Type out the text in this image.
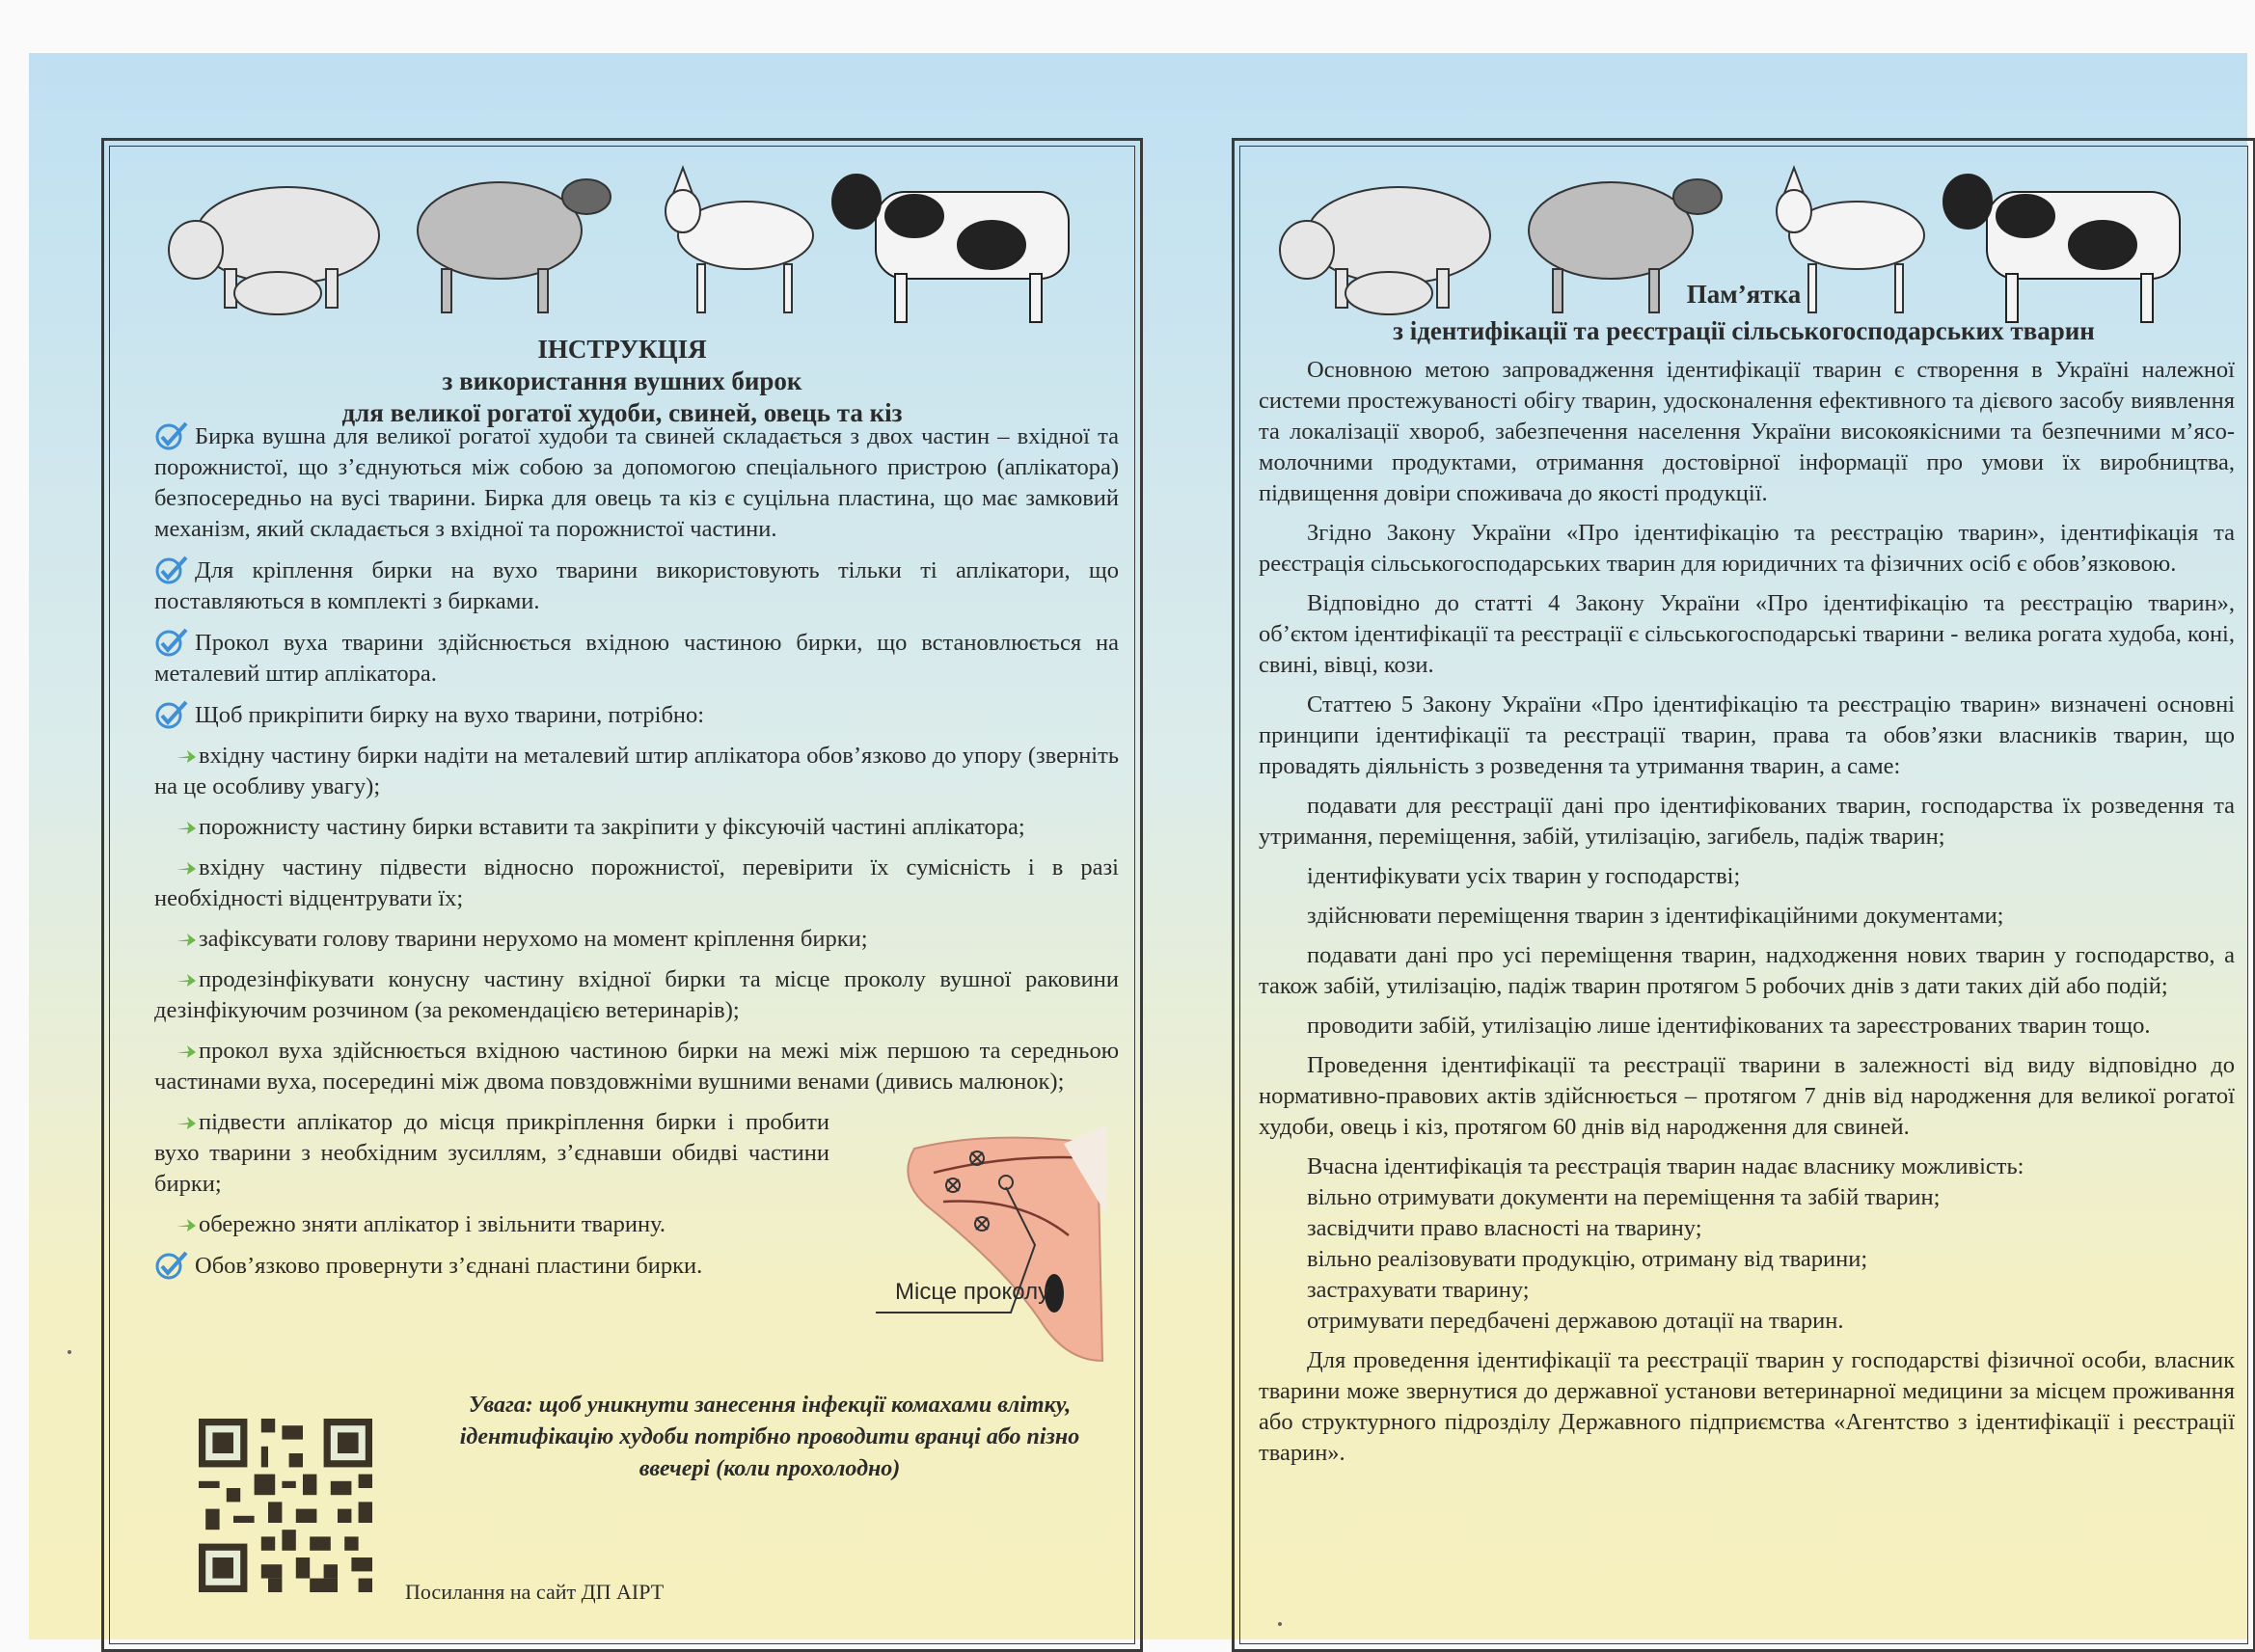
ІНСТРУКЦІЯ
з використання вушних бирок
для великої рогатої худоби, свиней, овець та кіз

Бирка вушна для великої рогатої худоби та свиней складається з двох частин – вхідної та порожнистої, що з’єднуються між собою за допомогою спеціального пристрою (аплікатора) безпосередньо на вусі тварини. Бирка для овець та кіз є суцільна пластина, що має замковий механізм, який складається з вхідної та порожнистої частини.

Для кріплення бирки на вухо тварини використовують тільки ті аплікатори, що поставляються в комплекті з бирками.

Прокол вуха тварини здійснюється вхідною частиною бирки, що встановлюється на металевий штир аплікатора.

Щоб прикріпити бирку на вухо тварини, потрібно:

вхідну частину бирки надіти на металевий штир аплікатора обов’язково до упору (зверніть на це особливу увагу);

порожнисту частину бирки вставити та закріпити у фіксуючій частині аплікатора;

вхідну частину підвести відносно порожнистої, перевірити їх сумісність і в разі необхідності відцентрувати їх;

зафіксувати голову тварини нерухомо на момент кріплення бирки;

продезінфікувати конусну частину вхідної бирки та місце проколу вушної раковини дезінфікуючим розчином (за рекомендацією ветеринарів);

прокол вуха здійснюється вхідною частиною бирки на межі між першою та середньою частинами вуха, посередині між двома повздовжніми вушними венами (дивись малюнок);

підвести аплікатор до місця прикріплення бирки і пробити вухо тварини з необхідним зусиллям, з’єднавши обидві частини бирки;

обережно зняти аплікатор і звільнити тварину.

Обов’язково провернути з’єднані пластини бирки.

Місце проколу
Увага: щоб уникнути занесення інфекції комахами влітку, ідентифікацію худоби потрібно проводити вранці або пізно ввечері (коли прохолодно)
Посилання на сайт ДП АІРТ
Пам’ятка
з ідентифікації та реєстрації сільськогосподарських тварин

Основною метою запровадження ідентифікації тварин є створення в Україні належної системи простежуваності обігу тварин, удосконалення ефективного та дієвого засобу виявлення та локалізації хвороб, забезпечення населення України високоякісними та безпечними м’ясо-молочними продуктами, отримання достовірної інформації про умови їх виробництва, підвищення довіри споживача до якості продукції.

Згідно Закону України «Про ідентифікацію та реєстрацію тварин», ідентифікація та реєстрація сільськогосподарських тварин для юридичних та фізичних осіб є обов’язковою.

Відповідно до статті 4 Закону України «Про ідентифікацію та реєстрацію тварин», об’єктом ідентифікації та реєстрації є сільськогосподарські тварини - велика рогата худоба, коні, свині, вівці, кози.

Статтею 5 Закону України «Про ідентифікацію та реєстрацію тварин» визначені основні принципи ідентифікації та реєстрації тварин, права та обов’язки власників тварин, що провадять діяльність з розведення та утримання тварин, а саме:

подавати для реєстрації дані про ідентифікованих тварин, господарства їх розведення та утримання, переміщення, забій, утилізацію, загибель, падіж тварин;

ідентифікувати усіх тварин у господарстві;

здійснювати переміщення тварин з ідентифікаційними документами;

подавати дані про усі переміщення тварин, надходження нових тварин у господарство, а також забій, утилізацію, падіж тварин протягом 5 робочих днів з дати таких дій або подій;

проводити забій, утилізацію лише ідентифікованих та зареєстрованих тварин тощо.

Проведення ідентифікації та реєстрації тварини в залежності від виду відповідно до нормативно-правових актів здійснюється – протягом 7 днів від народження для великої рогатої худоби, овець і кіз, протягом 60 днів від народження для свиней.

Вчасна ідентифікація та реєстрація тварин надає власнику можливість:

вільно отримувати документи на переміщення та забій тварин;

засвідчити право власності на тварину;

вільно реалізовувати продукцію, отриману від тварини;

застрахувати тварину;

отримувати передбачені державою дотації на тварин.

Для проведення ідентифікації та реєстрації тварин у господарстві фізичної особи, власник тварини може звернутися до державної установи ветеринарної медицини за місцем проживання або структурного підрозділу Державного підприємства «Агентство з ідентифікації і реєстрації тварин».
